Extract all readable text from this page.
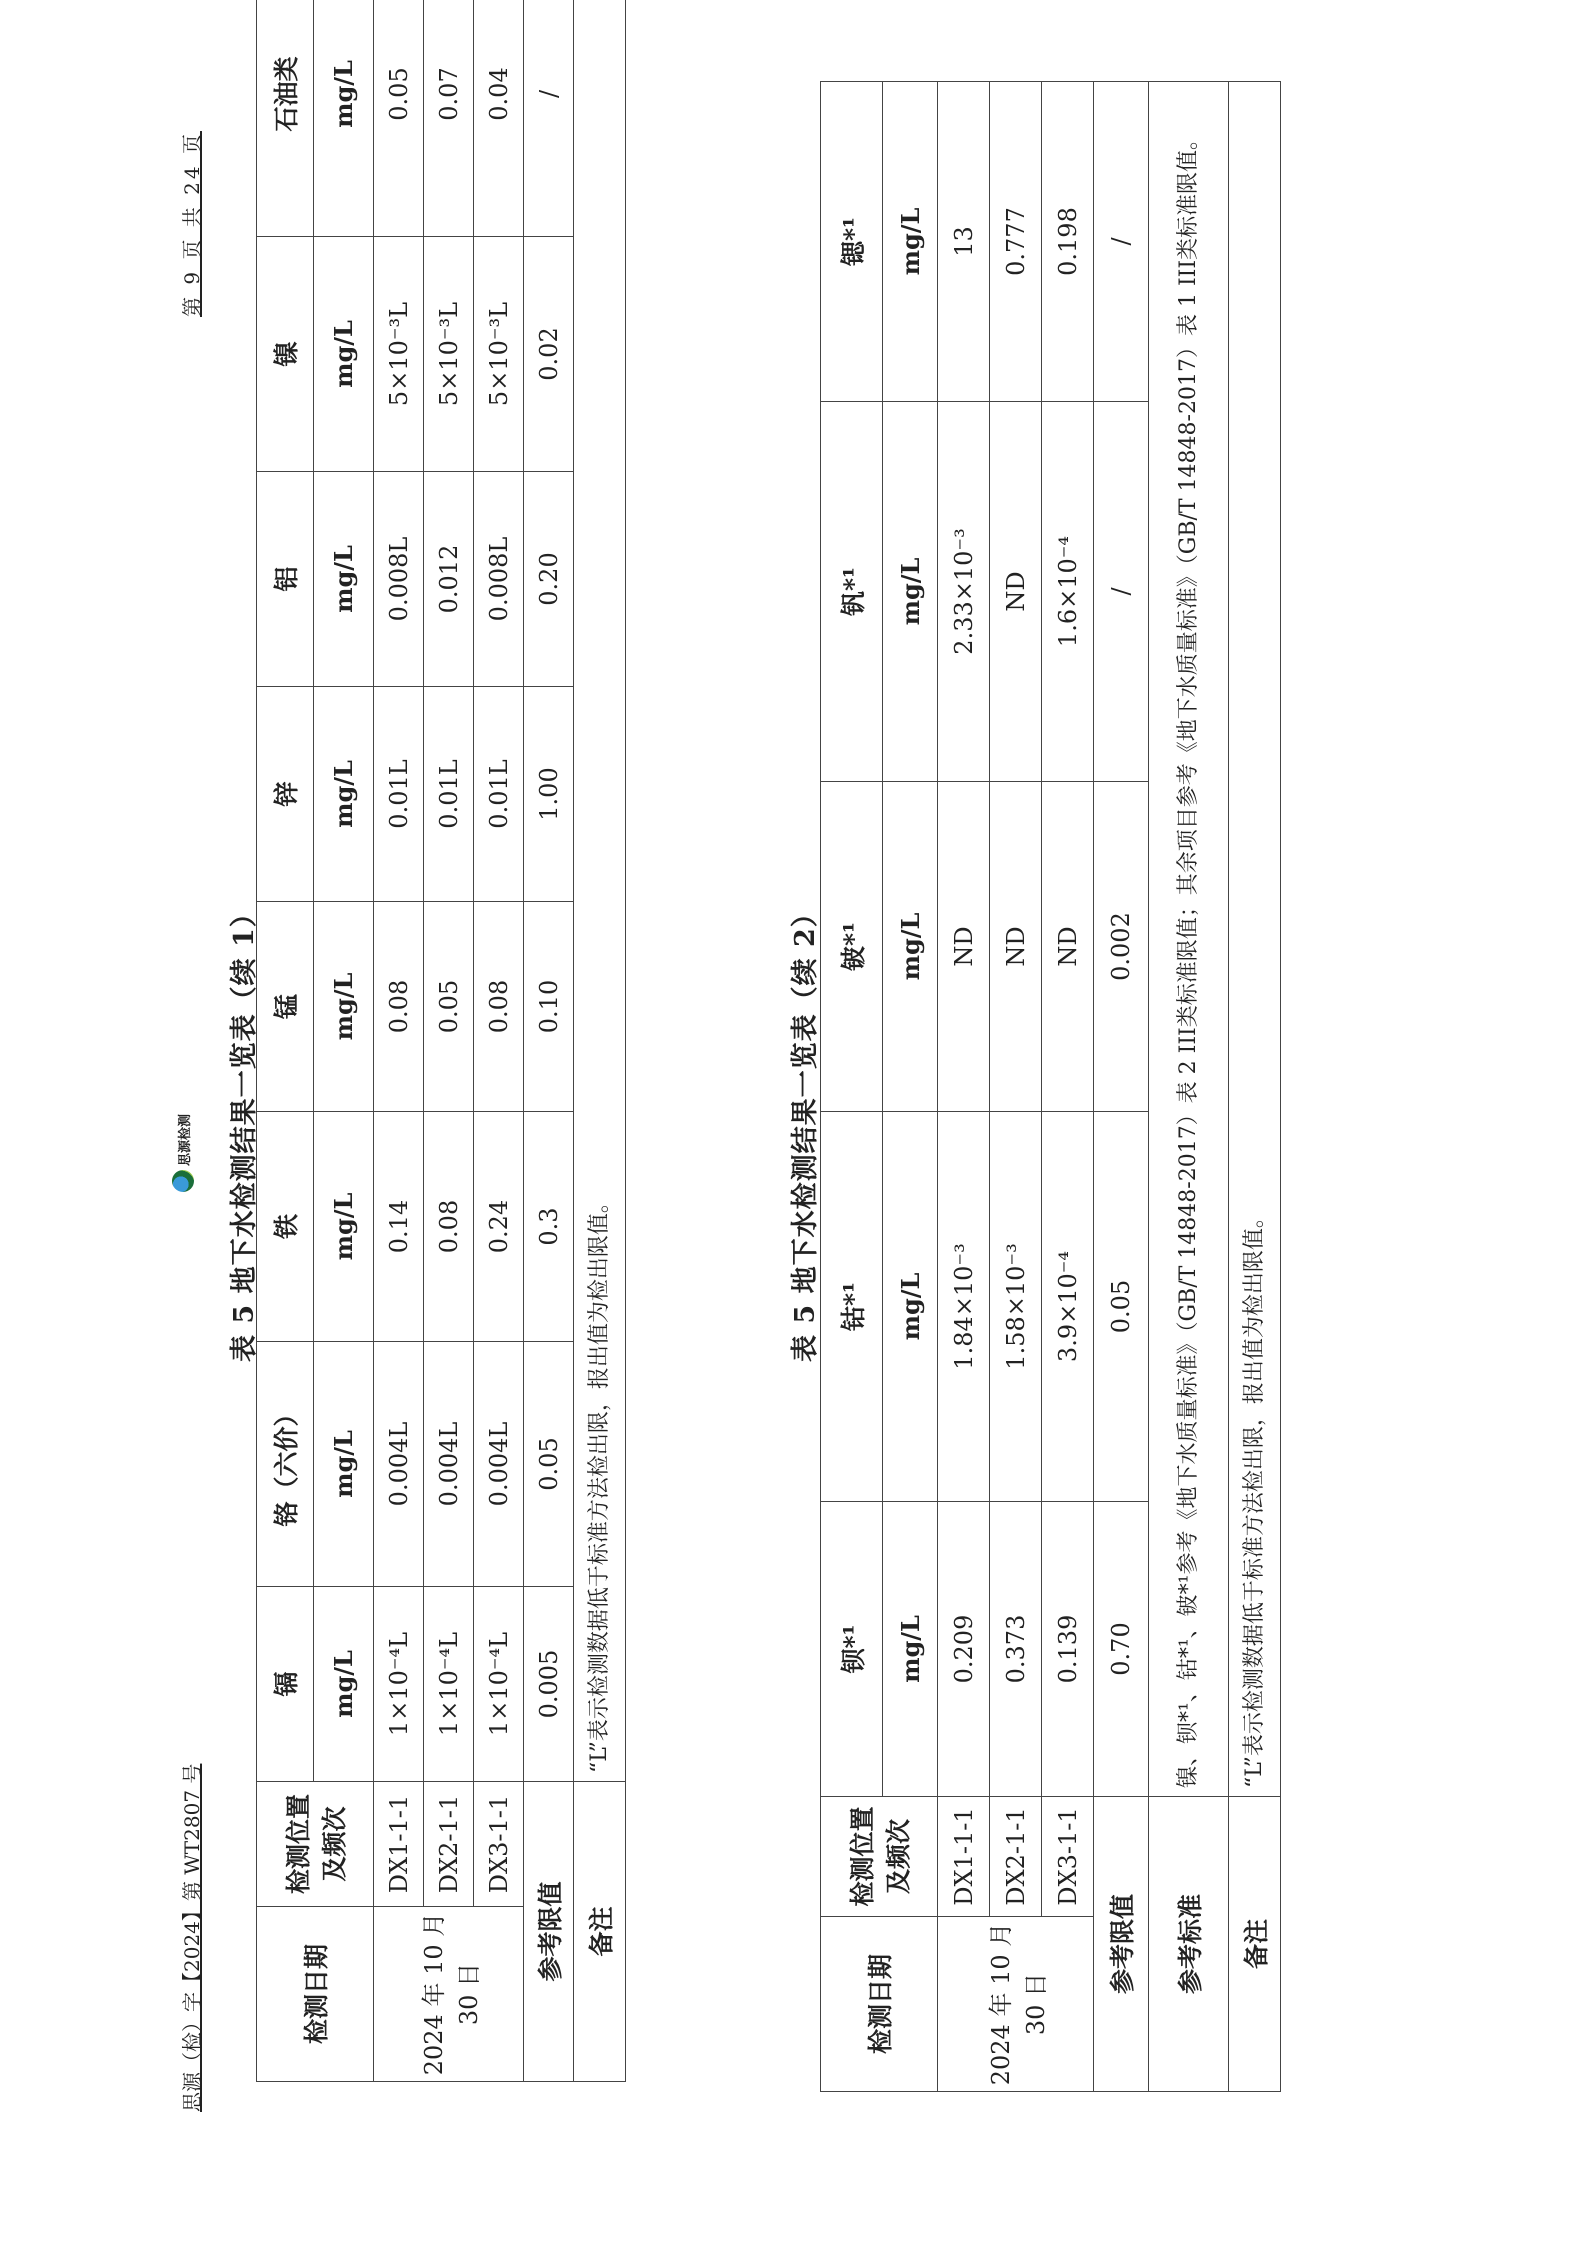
思源（检）字【2024】第 WT2807 号
思源检测
第 9 页 共 24 页
表 5 地下水检测结果一览表（续 1）
检测日期	检测位置及频次	镉	铬（六价）	铁	锰	锌	铝	镍	石油类
		mg/L	mg/L	mg/L	mg/L	mg/L	mg/L	mg/L	mg/L
2024 年 10 月 30 日	DX1-1-1	1×10⁻⁴L	0.004L	0.14	0.08	0.01L	0.008L	5×10⁻³L	0.05
	DX2-1-1	1×10⁻⁴L	0.004L	0.08	0.05	0.01L	0.012	5×10⁻³L	0.07
	DX3-1-1	1×10⁻⁴L	0.004L	0.24	0.08	0.01L	0.008L	5×10⁻³L	0.04
参考限值		0.005	0.05	0.3	0.10	1.00	0.20	0.02	/
备注		“L”表示检测数据低于标准方法检出限，报出值为检出限值。							
表 5 地下水检测结果一览表（续 2）
检测日期	检测位置及频次	钡*¹	钴*¹	铍*¹	钒*¹	锶*¹
		mg/L	mg/L	mg/L	mg/L	mg/L
2024 年 10 月 30 日	DX1-1-1	0.209	1.84×10⁻³	ND	2.33×10⁻³	13
	DX2-1-1	0.373	1.58×10⁻³	ND	ND	0.777
	DX3-1-1	0.139	3.9×10⁻⁴	ND	1.6×10⁻⁴	0.198
参考限值		0.70	0.05	0.002	/	/
参考标准		镍、钡*¹、钴*¹、铍*¹参考《地下水质量标准》（GB/T 14848-2017）表 2 III类标准限值；其余项目参考《地下水质量标准》（GB/T 14848-2017）表 1 III类标准限值。				
备注		“L”表示检测数据低于标准方法检出限，报出值为检出限值。				
